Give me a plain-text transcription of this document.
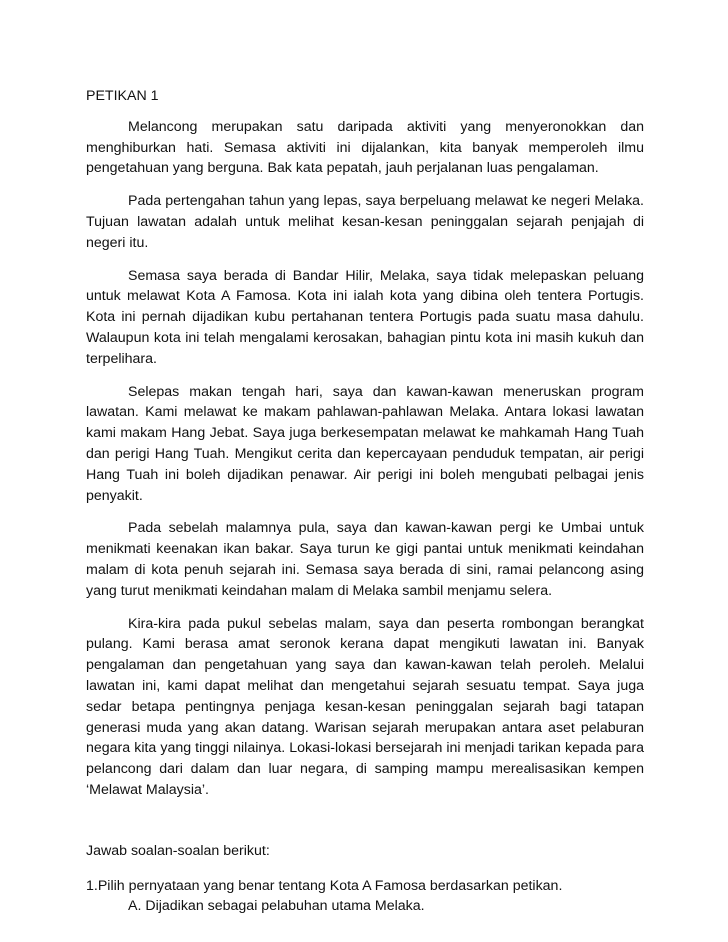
PETIKAN 1

Melancong merupakan satu daripada aktiviti yang menyeronokkan dan menghiburkan hati. Semasa aktiviti ini dijalankan, kita banyak memperoleh ilmu pengetahuan yang berguna. Bak kata pepatah, jauh perjalanan luas pengalaman.

Pada pertengahan tahun yang lepas, saya berpeluang melawat ke negeri Melaka. Tujuan lawatan adalah untuk melihat kesan-kesan peninggalan sejarah penjajah di negeri itu.

Semasa saya berada di Bandar Hilir, Melaka, saya tidak melepaskan peluang untuk melawat Kota A Famosa. Kota ini ialah kota yang dibina oleh tentera Portugis. Kota ini pernah dijadikan kubu pertahanan tentera Portugis pada suatu masa dahulu. Walaupun kota ini telah mengalami kerosakan, bahagian pintu kota ini masih kukuh dan terpelihara.

Selepas makan tengah hari, saya dan kawan-kawan meneruskan program lawatan. Kami melawat ke makam pahlawan-pahlawan Melaka. Antara lokasi lawatan kami makam Hang Jebat. Saya juga berkesempatan melawat ke mahkamah Hang Tuah dan perigi Hang Tuah. Mengikut cerita dan kepercayaan penduduk tempatan, air perigi Hang Tuah ini boleh dijadikan penawar. Air perigi ini boleh mengubati pelbagai jenis penyakit.

Pada sebelah malamnya pula, saya dan kawan-kawan pergi ke Umbai untuk menikmati keenakan ikan bakar. Saya turun ke gigi pantai untuk menikmati keindahan malam di kota penuh sejarah ini. Semasa saya berada di sini, ramai pelancong asing yang turut menikmati keindahan malam di Melaka sambil menjamu selera.

Kira-kira pada pukul sebelas malam, saya dan peserta rombongan berangkat pulang. Kami berasa amat seronok kerana dapat mengikuti lawatan ini. Banyak pengalaman dan pengetahuan yang saya dan kawan-kawan telah peroleh. Melalui lawatan ini, kami dapat melihat dan mengetahui sejarah sesuatu tempat. Saya juga sedar betapa pentingnya penjaga kesan-kesan peninggalan sejarah bagi tatapan generasi muda yang akan datang. Warisan sejarah merupakan antara aset pelaburan negara kita yang tinggi nilainya. Lokasi-lokasi bersejarah ini menjadi tarikan kepada para pelancong dari dalam dan luar negara, di samping mampu merealisasikan kempen ‘Melawat Malaysia’.

Jawab soalan-soalan berikut:

1.Pilih pernyataan yang benar tentang Kota A Famosa berdasarkan petikan.

A. Dijadikan sebagai pelabuhan utama Melaka.
